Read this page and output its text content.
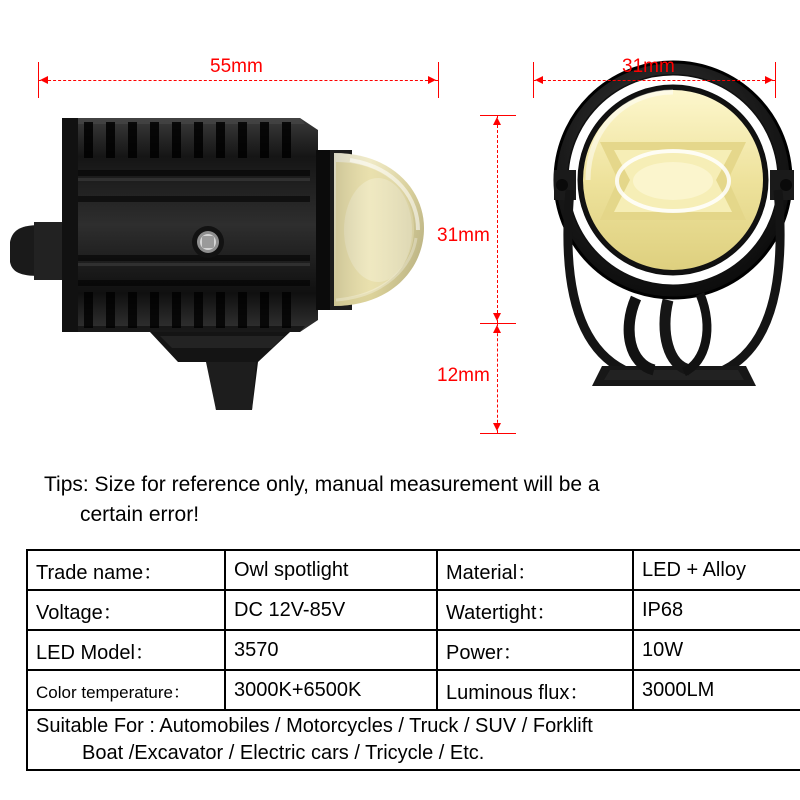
55mm	31mm
31mm
12mm
Tips: Size for reference only, manual measurement will be a
certain error!
Trade name：	Owl spotlight	Material：	LED + Alloy
Voltage：	DC 12V-85V	Watertight：	IP68
LED Model：	3570	Power：	10W
Color temperature：	3000K+6500K	Luminous flux：	3000LM
Suitable For : Automobiles / Motorcycles / Truck / SUV / Forklift
Boat /Excavator / Electric cars / Tricycle / Etc.			
